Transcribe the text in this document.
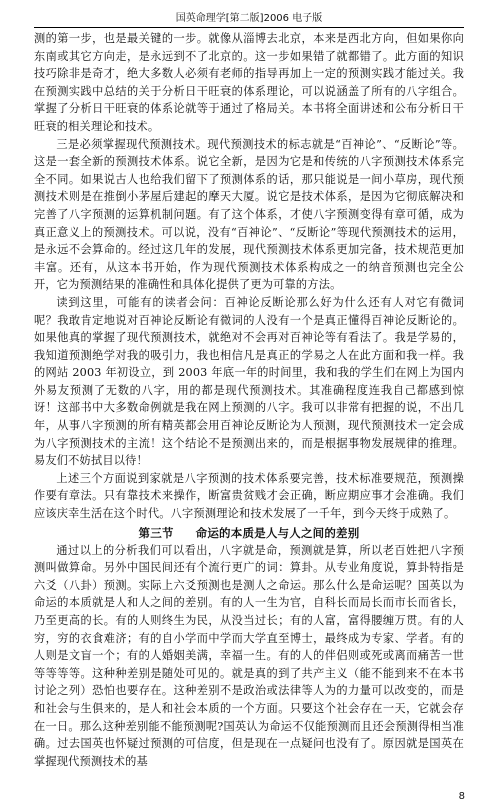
国英命理学[第二版]2006 电子版

测的第一步，也是最关键的一步。就像从淄博去北京，本来是西北方向，但如果你向东南或其它方向走，是永远到不了北京的。这一步如果错了就都错了。此方面的知识技巧除非是奇才，绝大多数人必须有老师的指导再加上一定的预测实践才能过关。我在预测实践中总结的关于分析日干旺衰的体系理论，可以说涵盖了所有的八字组合。掌握了分析日干旺衰的体系论就等于通过了格局关。本书将全面讲述和公布分析日干旺衰的相关理论和技术。

三是必须掌握现代预测技术。现代预测技术的标志就是“百神论”、“反断论”等。这是一套全新的预测技术体系。说它全新，是因为它是和传统的八字预测技术体系完全不同。如果说古人也给我们留下了预测体系的话，那只能说是一间小草房，现代预测技术则是在推倒小茅屋后建起的摩天大厦。说它是技术体系，是因为它彻底解决和完善了八字预测的运算机制问题。有了这个体系，才使八字预测变得有章可循，成为真正意义上的预测技术。可以说，没有“百神论”、“反断论”等现代预测技术的运用，是永远不会算命的。经过这几年的发展，现代预测技术体系更加完备，技术规范更加丰富。还有，从这本书开始，作为现代预测技术体系构成之一的纳音预测也完全公开，它为预测结果的准确性和具体化提供了更为可靠的方法。

读到这里，可能有的读者会问：百神论反断论那么好为什么还有人对它有微词呢？我敢肯定地说对百神论反断论有微词的人没有一个是真正懂得百神论反断论的。如果他真的掌握了现代预测技术，就绝对不会再对百神论等有看法了。我是学易的，我知道预测绝学对我的吸引力，我也相信凡是真正的学易之人在此方面和我一样。我的网站 2003 年初设立，到 2003 年底一年的时间里，我和我的学生们在网上为国内外易友预测了无数的八字，用的都是现代预测技术。其准确程度连我自己都感到惊讶！这部书中大多数命例就是我在网上预测的八字。我可以非常有把握的说，不出几年，从事八字预测的所有精英都会用百神论反断论为人预测，现代预测技术一定会成为八字预测技术的主流！这个结论不是预测出来的，而是根据事物发展规律的推理。易友们不妨拭目以待！

上述三个方面说到家就是八字预测的技术体系要完善，技术标准要规范，预测操作要有章法。只有靠技术来操作，断富贵贫贱才会正确，断应期应事才会准确。我们应该庆幸生活在这个时代。八字预测理论和技术发展了一千年，到今天终于成熟了。

第三节 命运的本质是人与人之间的差别

通过以上的分析我们可以看出，八字就是命，预测就是算，所以老百姓把八字预测叫做算命。另外中国民间还有个流行更广的词：算卦。从专业角度说，算卦特指是六爻（八卦）预测。实际上六爻预测也是测人之命运。那么什么是命运呢？国英以为命运的本质就是人和人之间的差别。有的人一生为官，自科长而局长而市长而省长，乃至更高的长。有的人则终生为民，从没当过长；有的人富，富得腰缠万贯。有的人穷，穷的衣食难济；有的自小学而中学而大学直至博士，最终成为专家、学者。有的人则是文盲一个；有的人婚姻美满，幸福一生。有的人的伴侣则或死或离而痛苦一世等等等等。这种种差别是随处可见的。就是真的到了共产主义（能不能到来不在本书讨论之列）恐怕也要存在。这种差别不是政治或法律等人为的力量可以改变的，而是和社会与生俱来的，是人和社会本质的一个方面。只要这个社会存在一天，它就会存在一日。那么这种差别能不能预测呢?国英认为命运不仅能预测而且还会预测得相当准确。过去国英也怀疑过预测的可信度，但是现在一点疑问也没有了。原因就是国英在掌握现代预测技术的基

8
